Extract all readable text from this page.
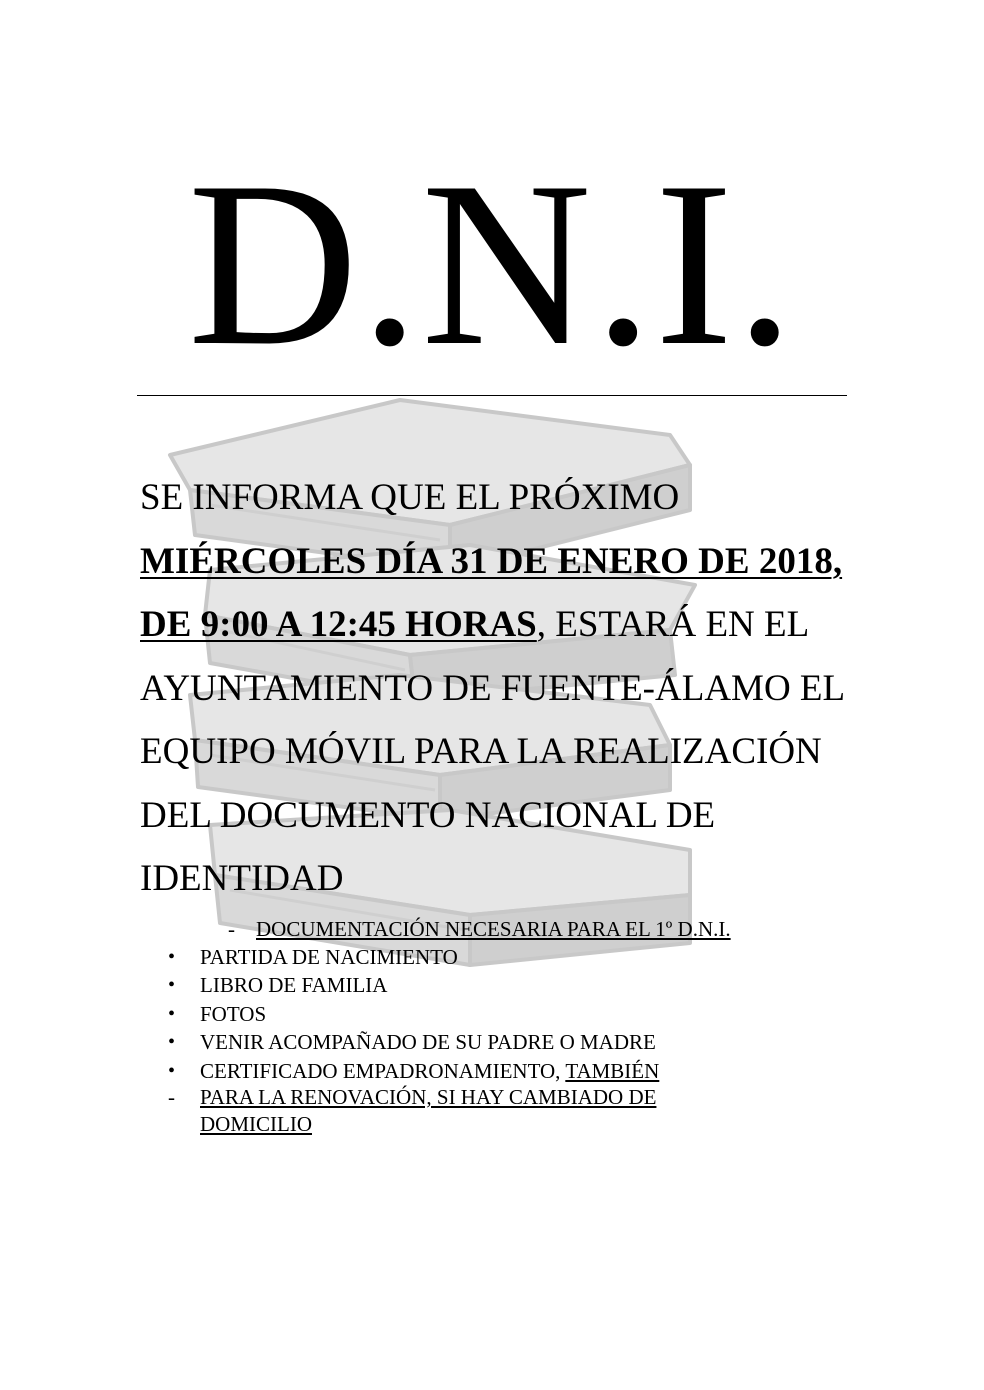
D.N.I.

SE INFORMA QUE EL PRÓXIMO
MIÉRCOLES DÍA 31 DE ENERO DE 2018,
DE 9:00 A 12:45 HORAS, ESTARÁ EN EL
AYUNTAMIENTO DE FUENTE-ÁLAMO EL
EQUIPO MÓVIL PARA LA REALIZACIÓN
DEL DOCUMENTO NACIONAL DE
IDENTIDAD

- DOCUMENTACIÓN NECESARIA PARA EL 1º D.N.I.
•	PARTIDA DE NACIMIENTO
•	LIBRO DE FAMILIA
•	FOTOS
•	VENIR ACOMPAÑADO DE SU PADRE O MADRE
•	CERTIFICADO EMPADRONAMIENTO, TAMBIÉN
-	PARA LA RENOVACIÓN, SI HAY CAMBIADO DE DOMICILIO
